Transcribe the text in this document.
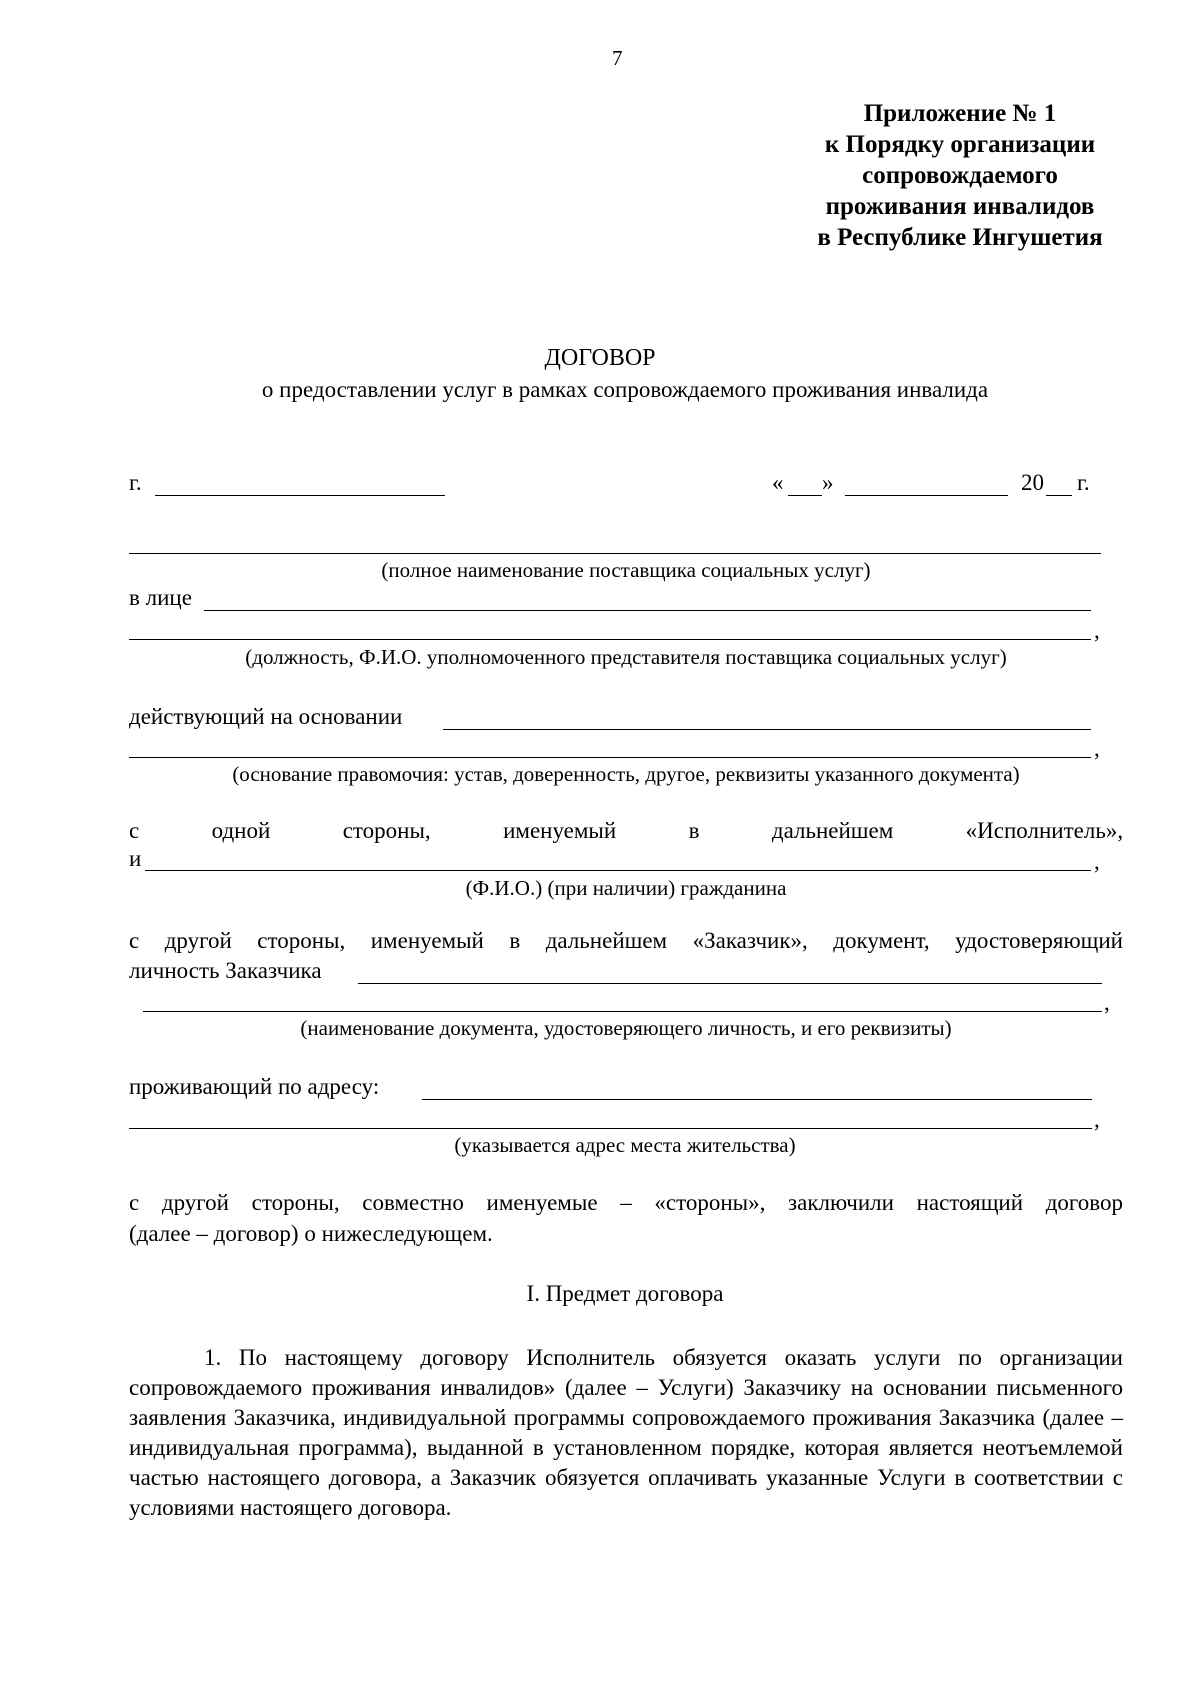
7
Приложение № 1
к Порядку организации
сопровождаемого
проживания инвалидов
в Республике Ингушетия
ДОГОВОР
о предоставлении услуг в рамках сопровождаемого проживания инвалида
г.	« »	20 г.
(полное наименование поставщика социальных услуг)
в лице
,
(должность, Ф.И.О. уполномоченного представителя поставщика социальных услуг)
действующий на основании
,
(основание правомочия: устав, доверенность, другое, реквизиты указанного документа)
с	одной	стороны,	именуемый	в	дальнейшем	«Исполнитель»,
и	,
(Ф.И.О.) (при наличии) гражданина
с другой стороны, именуемый в дальнейшем «Заказчик», документ, удостоверяющий
личность Заказчика
,
(наименование документа, удостоверяющего личность, и его реквизиты)
проживающий по адресу:
,
(указывается адрес места жительства)
с другой стороны, совместно именуемые – «стороны», заключили настоящий договор
(далее – договор) о нижеследующем.
I. Предмет договора
1. По настоящему договору Исполнитель обязуется оказать услуги по организации сопровождаемого проживания инвалидов» (далее – Услуги) Заказчику на основании письменного заявления Заказчика, индивидуальной программы сопровождаемого проживания Заказчика (далее – индивидуальная программа), выданной в установленном порядке, которая является неотъемлемой частью настоящего договора, а Заказчик обязуется оплачивать указанные Услуги в соответствии с условиями настоящего договора.
